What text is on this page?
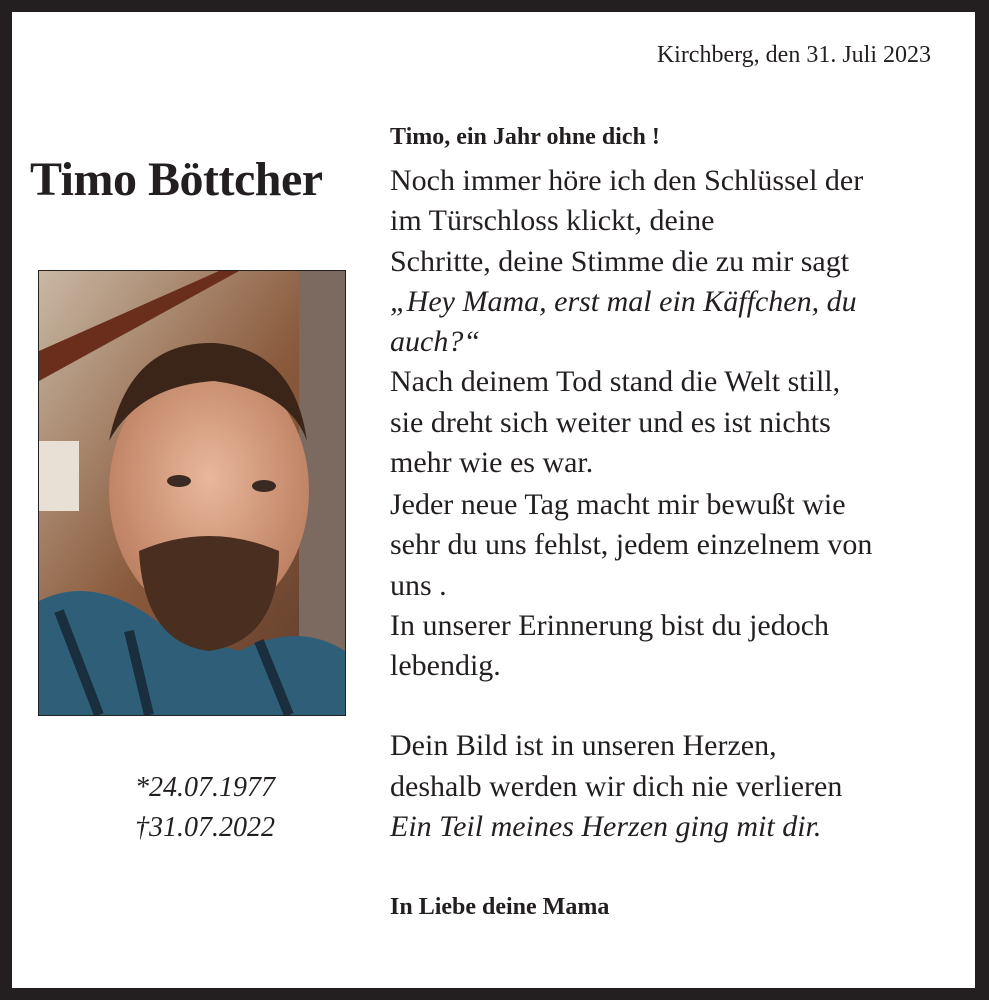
Kirchberg, den 31. Juli 2023
Timo, ein Jahr ohne dich !
Timo Böttcher
*24.07.1977
†31.07.2022
Noch immer höre ich den Schlüssel der
im Türschloss klickt, deine
Schritte, deine Stimme die zu mir sagt
„Hey Mama, erst mal ein Käffchen, du
auch?“
Nach deinem Tod stand die Welt still,
sie dreht sich weiter und es ist nichts
mehr wie es war.
Jeder neue Tag macht mir bewußt wie
sehr du uns fehlst, jedem einzelnem von
uns .
In unserer Erinnerung bist du jedoch
lebendig.
Dein Bild ist in unseren Herzen,
deshalb werden wir dich nie verlieren
Ein Teil meines Herzen ging mit dir.
In Liebe deine Mama
